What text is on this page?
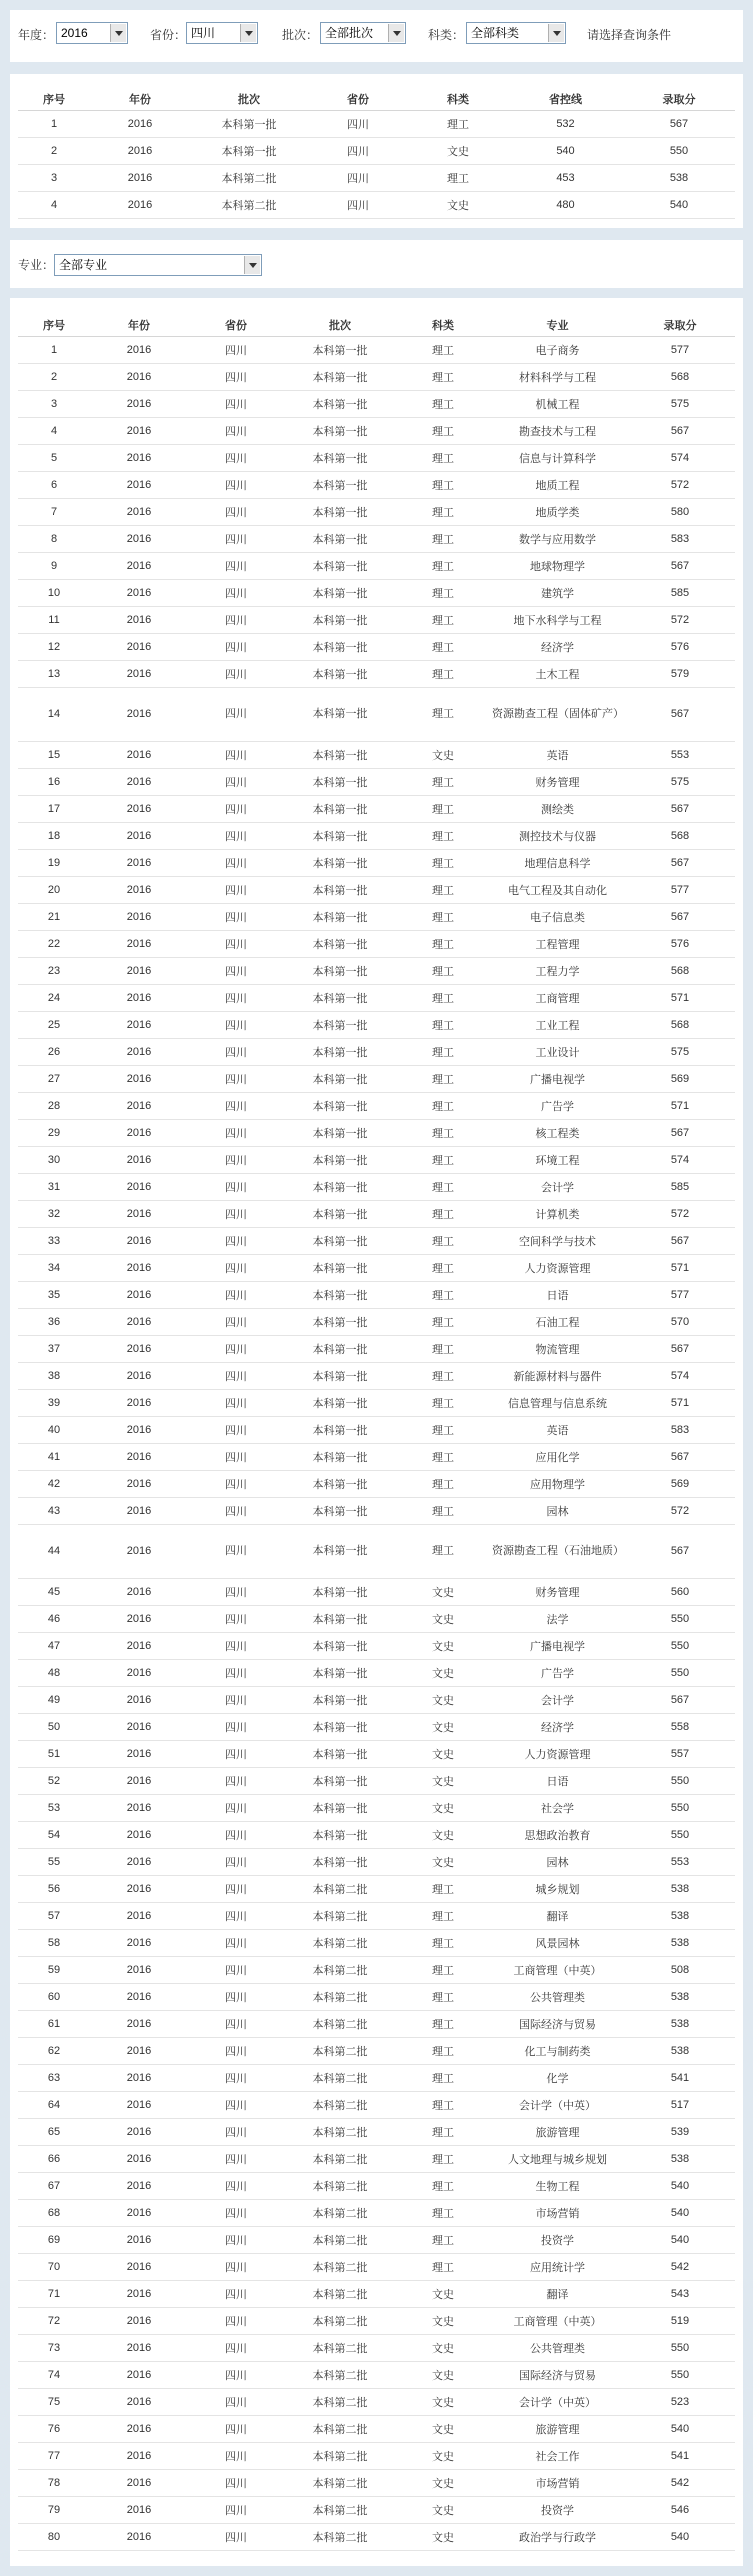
年度： 2016	省份： 四川	批次： 全部批次	科类： 全部科类	请选择查询条件
序号	年份	批次	省份	科类	省控线	录取分
1	2016	本科第一批	四川	理工	532	567
2	2016	本科第一批	四川	文史	540	550
3	2016	本科第二批	四川	理工	453	538
4	2016	本科第二批	四川	文史	480	540
专业： 全部专业
序号	年份	省份	批次	科类	专业	录取分
1	2016	四川	本科第一批	理工	电子商务	577
2	2016	四川	本科第一批	理工	材料科学与工程	568
3	2016	四川	本科第一批	理工	机械工程	575
4	2016	四川	本科第一批	理工	勘查技术与工程	567
5	2016	四川	本科第一批	理工	信息与计算科学	574
6	2016	四川	本科第一批	理工	地质工程	572
7	2016	四川	本科第一批	理工	地质学类	580
8	2016	四川	本科第一批	理工	数学与应用数学	583
9	2016	四川	本科第一批	理工	地球物理学	567
10	2016	四川	本科第一批	理工	建筑学	585
11	2016	四川	本科第一批	理工	地下水科学与工程	572
12	2016	四川	本科第一批	理工	经济学	576
13	2016	四川	本科第一批	理工	土木工程	579
14	2016	四川	本科第一批	理工	资源勘查工程（固体矿产）	567
15	2016	四川	本科第一批	文史	英语	553
16	2016	四川	本科第一批	理工	财务管理	575
17	2016	四川	本科第一批	理工	测绘类	567
18	2016	四川	本科第一批	理工	测控技术与仪器	568
19	2016	四川	本科第一批	理工	地理信息科学	567
20	2016	四川	本科第一批	理工	电气工程及其自动化	577
21	2016	四川	本科第一批	理工	电子信息类	567
22	2016	四川	本科第一批	理工	工程管理	576
23	2016	四川	本科第一批	理工	工程力学	568
24	2016	四川	本科第一批	理工	工商管理	571
25	2016	四川	本科第一批	理工	工业工程	568
26	2016	四川	本科第一批	理工	工业设计	575
27	2016	四川	本科第一批	理工	广播电视学	569
28	2016	四川	本科第一批	理工	广告学	571
29	2016	四川	本科第一批	理工	核工程类	567
30	2016	四川	本科第一批	理工	环境工程	574
31	2016	四川	本科第一批	理工	会计学	585
32	2016	四川	本科第一批	理工	计算机类	572
33	2016	四川	本科第一批	理工	空间科学与技术	567
34	2016	四川	本科第一批	理工	人力资源管理	571
35	2016	四川	本科第一批	理工	日语	577
36	2016	四川	本科第一批	理工	石油工程	570
37	2016	四川	本科第一批	理工	物流管理	567
38	2016	四川	本科第一批	理工	新能源材料与器件	574
39	2016	四川	本科第一批	理工	信息管理与信息系统	571
40	2016	四川	本科第一批	理工	英语	583
41	2016	四川	本科第一批	理工	应用化学	567
42	2016	四川	本科第一批	理工	应用物理学	569
43	2016	四川	本科第一批	理工	园林	572
44	2016	四川	本科第一批	理工	资源勘查工程（石油地质）	567
45	2016	四川	本科第一批	文史	财务管理	560
46	2016	四川	本科第一批	文史	法学	550
47	2016	四川	本科第一批	文史	广播电视学	550
48	2016	四川	本科第一批	文史	广告学	550
49	2016	四川	本科第一批	文史	会计学	567
50	2016	四川	本科第一批	文史	经济学	558
51	2016	四川	本科第一批	文史	人力资源管理	557
52	2016	四川	本科第一批	文史	日语	550
53	2016	四川	本科第一批	文史	社会学	550
54	2016	四川	本科第一批	文史	思想政治教育	550
55	2016	四川	本科第一批	文史	园林	553
56	2016	四川	本科第二批	理工	城乡规划	538
57	2016	四川	本科第二批	理工	翻译	538
58	2016	四川	本科第二批	理工	风景园林	538
59	2016	四川	本科第二批	理工	工商管理（中英）	508
60	2016	四川	本科第二批	理工	公共管理类	538
61	2016	四川	本科第二批	理工	国际经济与贸易	538
62	2016	四川	本科第二批	理工	化工与制药类	538
63	2016	四川	本科第二批	理工	化学	541
64	2016	四川	本科第二批	理工	会计学（中英）	517
65	2016	四川	本科第二批	理工	旅游管理	539
66	2016	四川	本科第二批	理工	人文地理与城乡规划	538
67	2016	四川	本科第二批	理工	生物工程	540
68	2016	四川	本科第二批	理工	市场营销	540
69	2016	四川	本科第二批	理工	投资学	540
70	2016	四川	本科第二批	理工	应用统计学	542
71	2016	四川	本科第二批	文史	翻译	543
72	2016	四川	本科第二批	文史	工商管理（中英）	519
73	2016	四川	本科第二批	文史	公共管理类	550
74	2016	四川	本科第二批	文史	国际经济与贸易	550
75	2016	四川	本科第二批	文史	会计学（中英）	523
76	2016	四川	本科第二批	文史	旅游管理	540
77	2016	四川	本科第二批	文史	社会工作	541
78	2016	四川	本科第二批	文史	市场营销	542
79	2016	四川	本科第二批	文史	投资学	546
80	2016	四川	本科第二批	文史	政治学与行政学	540
